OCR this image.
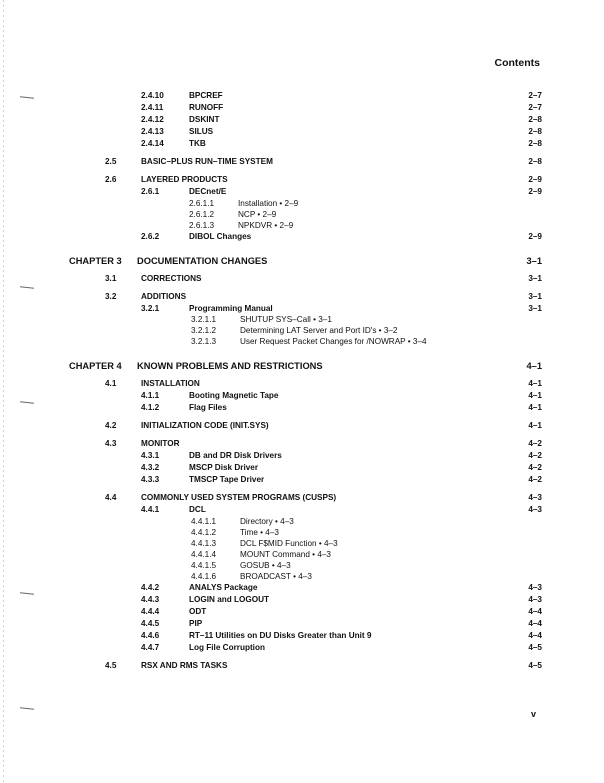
Contents
2.4.10	BPCREF	2–7
2.4.11	RUNOFF	2–7
2.4.12	DSKINT	2–8
2.4.13	SILUS	2–8
2.4.14	TKB	2–8
2.5	BASIC–PLUS RUN–TIME SYSTEM	2–8
2.6	LAYERED PRODUCTS	2–9
2.6.1	DECnet/E	2–9
2.6.1.1	Installation • 2–9
2.6.1.2	NCP • 2–9
2.6.1.3	NPKDVR • 2–9
2.6.2	DIBOL Changes	2–9
CHAPTER 3 DOCUMENTATION CHANGES	3–1
3.1	CORRECTIONS	3–1
3.2	ADDITIONS	3–1
3.2.1	Programming Manual	3–1
3.2.1.1	SHUTUP SYS–Call • 3–1
3.2.1.2	Determining LAT Server and Port ID's • 3–2
3.2.1.3	User Request Packet Changes for /NOWRAP • 3–4
CHAPTER 4 KNOWN PROBLEMS AND RESTRICTIONS	4–1
4.1	INSTALLATION	4–1
4.1.1	Booting Magnetic Tape	4–1
4.1.2	Flag Files	4–1
4.2	INITIALIZATION CODE (INIT.SYS)	4–1
4.3	MONITOR	4–2
4.3.1	DB and DR Disk Drivers	4–2
4.3.2	MSCP Disk Driver	4–2
4.3.3	TMSCP Tape Driver	4–2
4.4	COMMONLY USED SYSTEM PROGRAMS (CUSPS)	4–3
4.4.1	DCL	4–3
4.4.1.1	Directory • 4–3
4.4.1.2	Time • 4–3
4.4.1.3	DCL F$MID Function • 4–3
4.4.1.4	MOUNT Command • 4–3
4.4.1.5	GOSUB • 4–3
4.4.1.6	BROADCAST • 4–3
4.4.2	ANALYS Package	4–3
4.4.3	LOGIN and LOGOUT	4–3
4.4.4	ODT	4–4
4.4.5	PIP	4–4
4.4.6	RT–11 Utilities on DU Disks Greater than Unit 9	4–4
4.4.7	Log File Corruption	4–5
4.5	RSX AND RMS TASKS	4–5
v
